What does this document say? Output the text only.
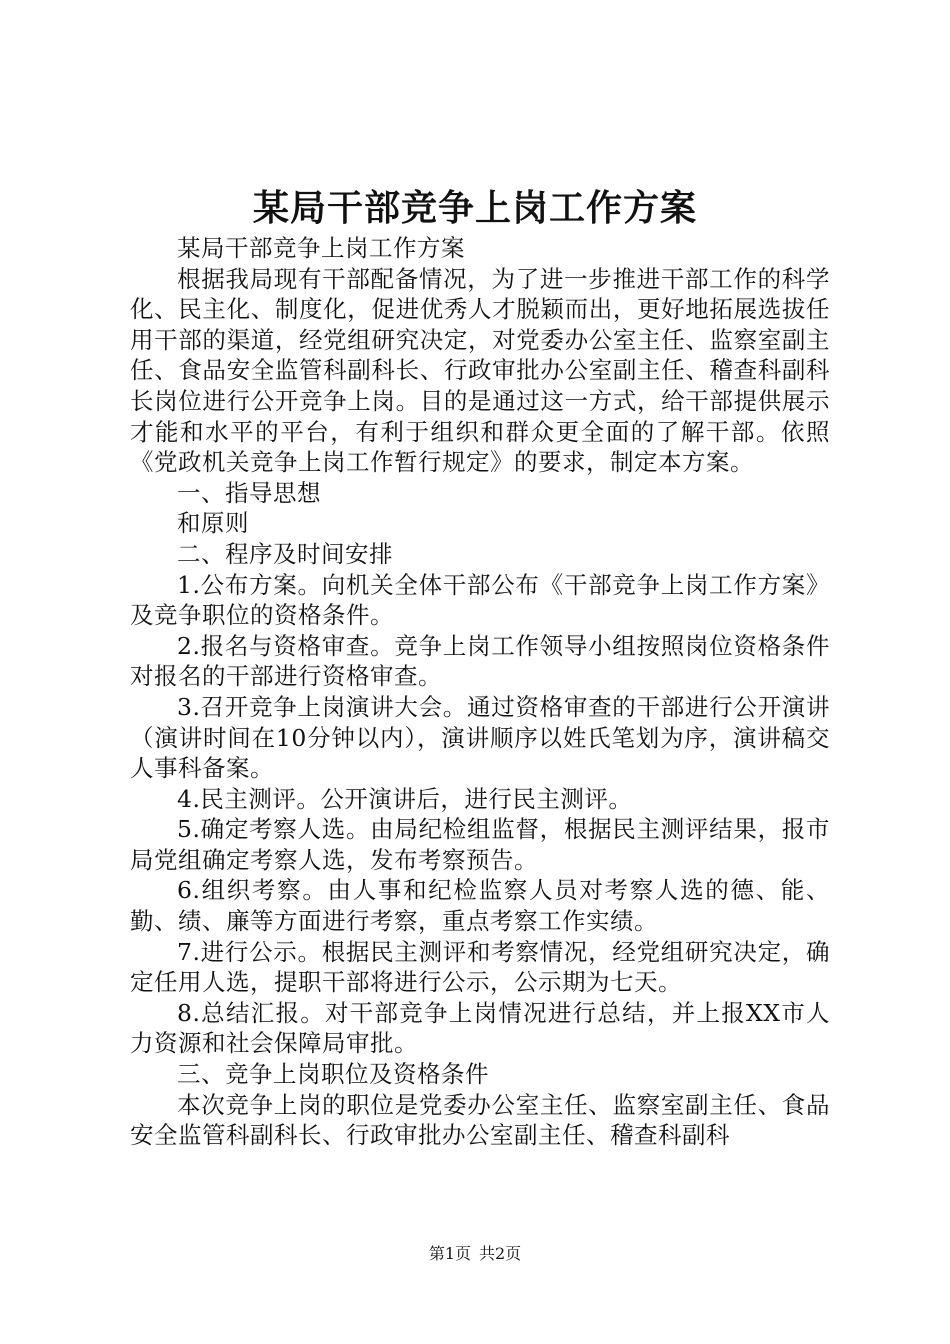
某局干部竞争上岗工作方案

某局干部竞争上岗工作方案

根据我局现有干部配备情况，为了进一步推进干部工作的科学化、民主化、制度化，促进优秀人才脱颖而出，更好地拓展选拔任用干部的渠道，经党组研究决定，对党委办公室主任、监察室副主任、食品安全监管科副科长、行政审批办公室副主任、稽查科副科长岗位进行公开竞争上岗。目的是通过这一方式，给干部提供展示才能和水平的平台，有利于组织和群众更全面的了解干部。依照《党政机关竞争上岗工作暂行规定》的要求，制定本方案。

一、指导思想

和原则

二、程序及时间安排

1.公布方案。向机关全体干部公布《干部竞争上岗工作方案》及竞争职位的资格条件。

2.报名与资格审查。竞争上岗工作领导小组按照岗位资格条件对报名的干部进行资格审查。

3.召开竞争上岗演讲大会。通过资格审查的干部进行公开演讲（演讲时间在10分钟以内），演讲顺序以姓氏笔划为序，演讲稿交人事科备案。

4.民主测评。公开演讲后，进行民主测评。

5.确定考察人选。由局纪检组监督，根据民主测评结果，报市局党组确定考察人选，发布考察预告。

6.组织考察。由人事和纪检监察人员对考察人选的德、能、勤、绩、廉等方面进行考察，重点考察工作实绩。

7.进行公示。根据民主测评和考察情况，经党组研究决定，确定任用人选，提职干部将进行公示，公示期为七天。

8.总结汇报。对干部竞争上岗情况进行总结，并上报XX市人力资源和社会保障局审批。

三、竞争上岗职位及资格条件

本次竞争上岗的职位是党委办公室主任、监察室副主任、食品安全监管科副科长、行政审批办公室副主任、稽查科副科

第1页 共2页
